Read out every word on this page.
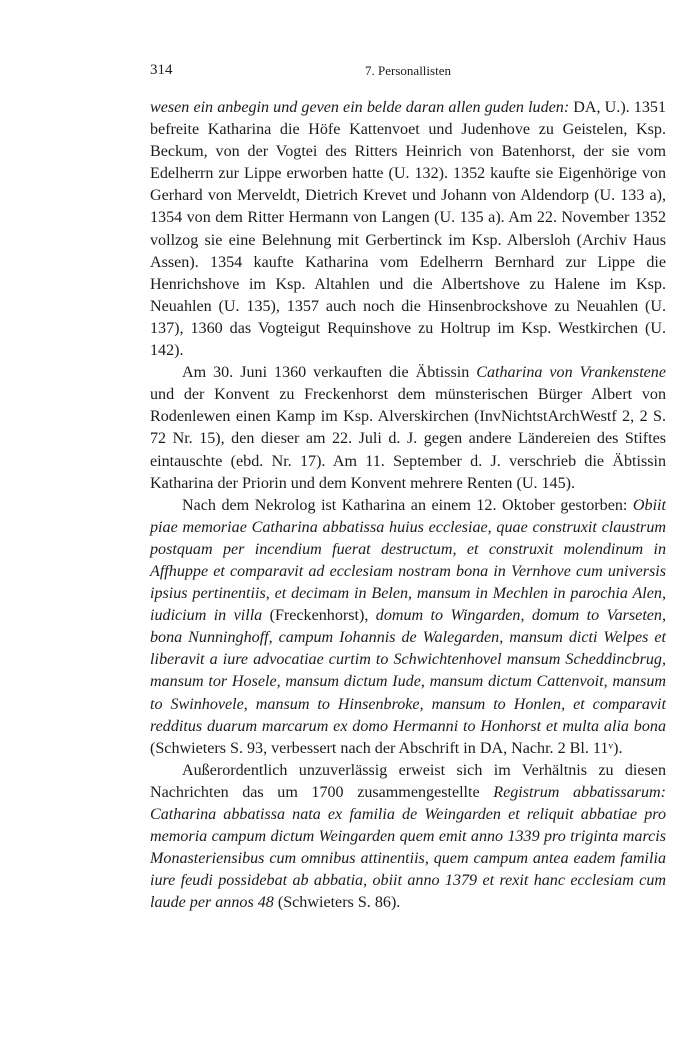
314	7. Personallisten

wesen ein anbegin und geven ein belde daran allen guden luden: DA, U.). 1351 befreite Katharina die Höfe Kattenvoet und Judenhove zu Geistelen, Ksp. Beckum, von der Vogtei des Ritters Heinrich von Batenhorst, der sie vom Edelherrn zur Lippe erworben hatte (U. 132). 1352 kaufte sie Eigenhörige von Gerhard von Merveldt, Dietrich Krevet und Johann von Aldendorp (U. 133 a), 1354 von dem Ritter Hermann von Langen (U. 135 a). Am 22. November 1352 vollzog sie eine Belehnung mit Gerbertinck im Ksp. Albersloh (Archiv Haus Assen). 1354 kaufte Katharina vom Edelherrn Bernhard zur Lippe die Henrichshove im Ksp. Altahlen und die Albertshove zu Halene im Ksp. Neuahlen (U. 135), 1357 auch noch die Hinsenbrockshove zu Neuahlen (U. 137), 1360 das Vogteigut Requinshove zu Holtrup im Ksp. Westkirchen (U. 142).

Am 30. Juni 1360 verkauften die Äbtissin Catharina von Vrankenstene und der Konvent zu Freckenhorst dem münsterischen Bürger Albert von Rodenlewen einen Kamp im Ksp. Alverskirchen (InvNichtstArchWestf 2, 2 S. 72 Nr. 15), den dieser am 22. Juli d. J. gegen andere Ländereien des Stiftes eintauschte (ebd. Nr. 17). Am 11. September d. J. verschrieb die Äbtissin Katharina der Priorin und dem Konvent mehrere Renten (U. 145).

Nach dem Nekrolog ist Katharina an einem 12. Oktober gestorben: Obiit piae memoriae Catharina abbatissa huius ecclesiae, quae construxit claustrum postquam per incendium fuerat destructum, et construxit molendinum in Affhuppe et comparavit ad ecclesiam nostram bona in Vernhove cum universis ipsius pertinentiis, et decimam in Belen, mansum in Mechlen in parochia Alen, iudicium in villa (Freckenhorst), domum to Wingarden, domum to Varseten, bona Nunninghoff, campum Iohannis de Walegarden, mansum dicti Welpes et liberavit a iure advocatiae curtim to Schwichtenhovel mansum Scheddincbrug, mansum tor Hosele, mansum dictum Iude, mansum dictum Cattenvoit, mansum to Swinhovele, mansum to Hinsenbroke, mansum to Honlen, et comparavit redditus duarum marcarum ex domo Hermanni to Honhorst et multa alia bona (Schwieters S. 93, verbessert nach der Abschrift in DA, Nachr. 2 Bl. 11ᵛ).

Außerordentlich unzuverlässig erweist sich im Verhältnis zu diesen Nachrichten das um 1700 zusammengestellte Registrum abbatissarum: Catharina abbatissa nata ex familia de Weingarden et reliquit abbatiae pro memoria campum dictum Weingarden quem emit anno 1339 pro triginta marcis Monasteriensibus cum omnibus attinentiis, quem campum antea eadem familia iure feudi possidebat ab abbatia, obiit anno 1379 et rexit hanc ecclesiam cum laude per annos 48 (Schwieters S. 86).
